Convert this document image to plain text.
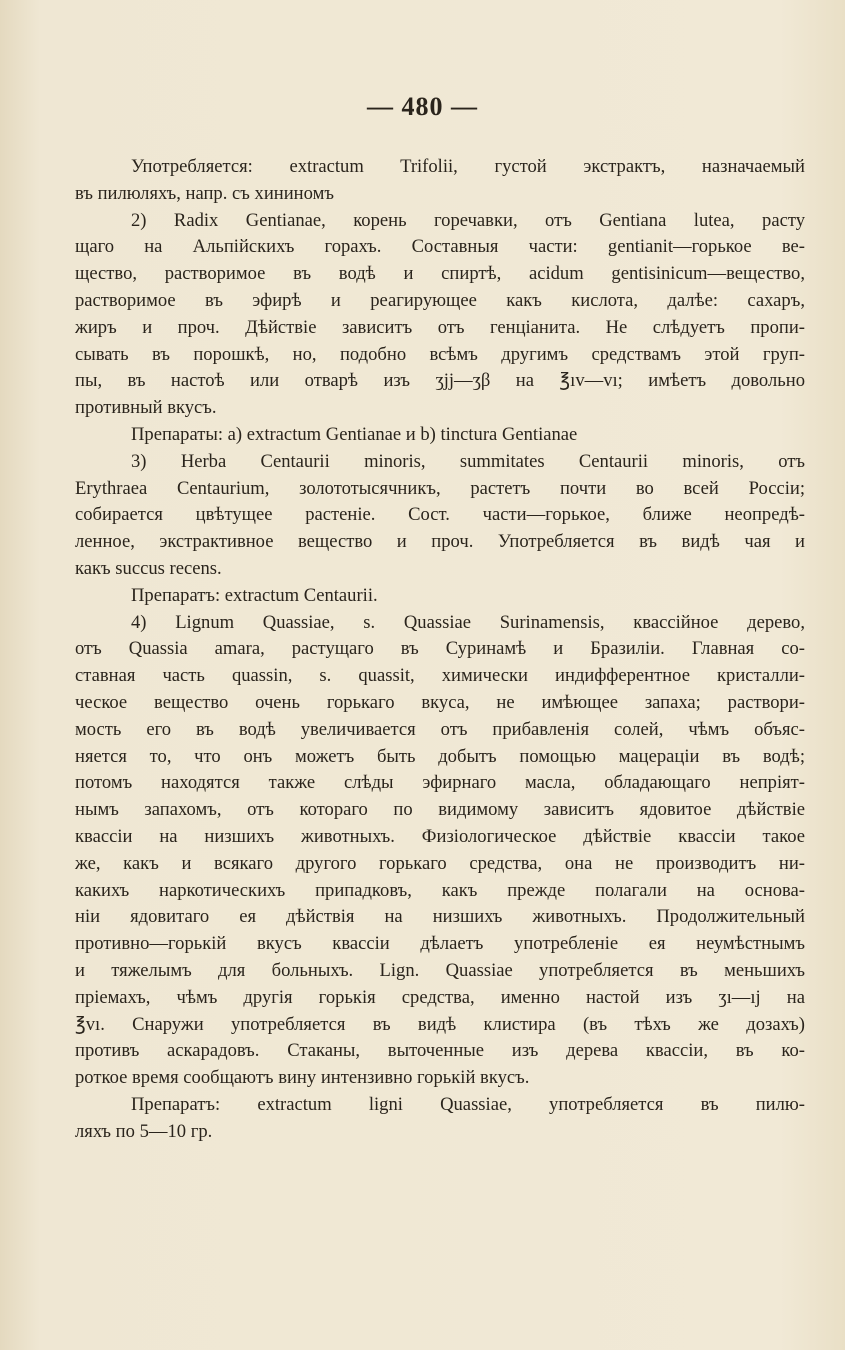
— 480 —
Употребляется: extractum Trifolii, густой экстрактъ, назначаемый
въ пилюляхъ, напр. съ хининомъ
2) Radix Gentianae, корень горечавки, отъ Gentiana lutea, расту
щаго на Альпійскихъ горахъ. Составныя части: gentianit—горькое ве-
щество, растворимое въ водѣ и спиртѣ, acidum gentisinicum—вещество,
растворимое въ эфирѣ и реагирующее какъ кислота, далѣе: сахаръ,
жиръ и проч. Дѣйствіе зависитъ отъ генціанита. Не слѣдуетъ пропи-
сывать въ порошкѣ, но, подобно всѣмъ другимъ средствамъ этой груп-
пы, въ настоѣ или отварѣ изъ ʒjj—ʒβ на ℥ıv—vı; имѣетъ довольно
противный вкусъ.
Препараты: a) extractum Gentianae и b) tinctura Gentianae
3) Herba Centaurii minoris, summitates Centaurii minoris, отъ
Erythraea Centaurium, золототысячникъ, растетъ почти во всей Россіи;
собирается цвѣтущее растеніе. Сост. части—горькое, ближе неопредѣ-
ленное, экстрактивное вещество и проч. Употребляется въ видѣ чая и
какъ succus recens.
Препаратъ: extractum Centaurii.
4) Lignum Quassiae, s. Quassiae Surinamensis, квассійное дерево,
отъ Quassia amara, растущаго въ Суринамѣ и Бразиліи. Главная со-
ставная часть quassin, s. quassit, химически индифферентное кристалли-
ческое вещество очень горькаго вкуса, не имѣющее запаха; раствори-
мость его въ водѣ увеличивается отъ прибавленія солей, чѣмъ объяс-
няется то, что онъ можетъ быть добытъ помощью мацераціи въ водѣ;
потомъ находятся также слѣды эфирнаго масла, обладающаго непріят-
нымъ запахомъ, отъ котораго по видимому зависитъ ядовитое дѣйствіе
квассіи на низшихъ животныхъ. Физіологическое дѣйствіе квассіи такое
же, какъ и всякаго другого горькаго средства, она не производитъ ни-
какихъ наркотическихъ припадковъ, какъ прежде полагали на основа-
ніи ядовитаго ея дѣйствія на низшихъ животныхъ. Продолжительный
противно—горькій вкусъ квассіи дѣлаетъ употребленіе ея неумѣстнымъ
и тяжелымъ для больныхъ. Lign. Quassiae употребляется въ меньшихъ
пріемахъ, чѣмъ другія горькія средства, именно настой изъ ʒı—ıj на
℥vı. Снаружи употребляется въ видѣ клистира (въ тѣхъ же дозахъ)
противъ аскарадовъ. Стаканы, выточенные изъ дерева квассіи, въ ко-
роткое время сообщаютъ вину интензивно горькій вкусъ.
Препаратъ: extractum ligni Quassiae, употребляется въ пилю-
ляхъ по 5—10 гр.
